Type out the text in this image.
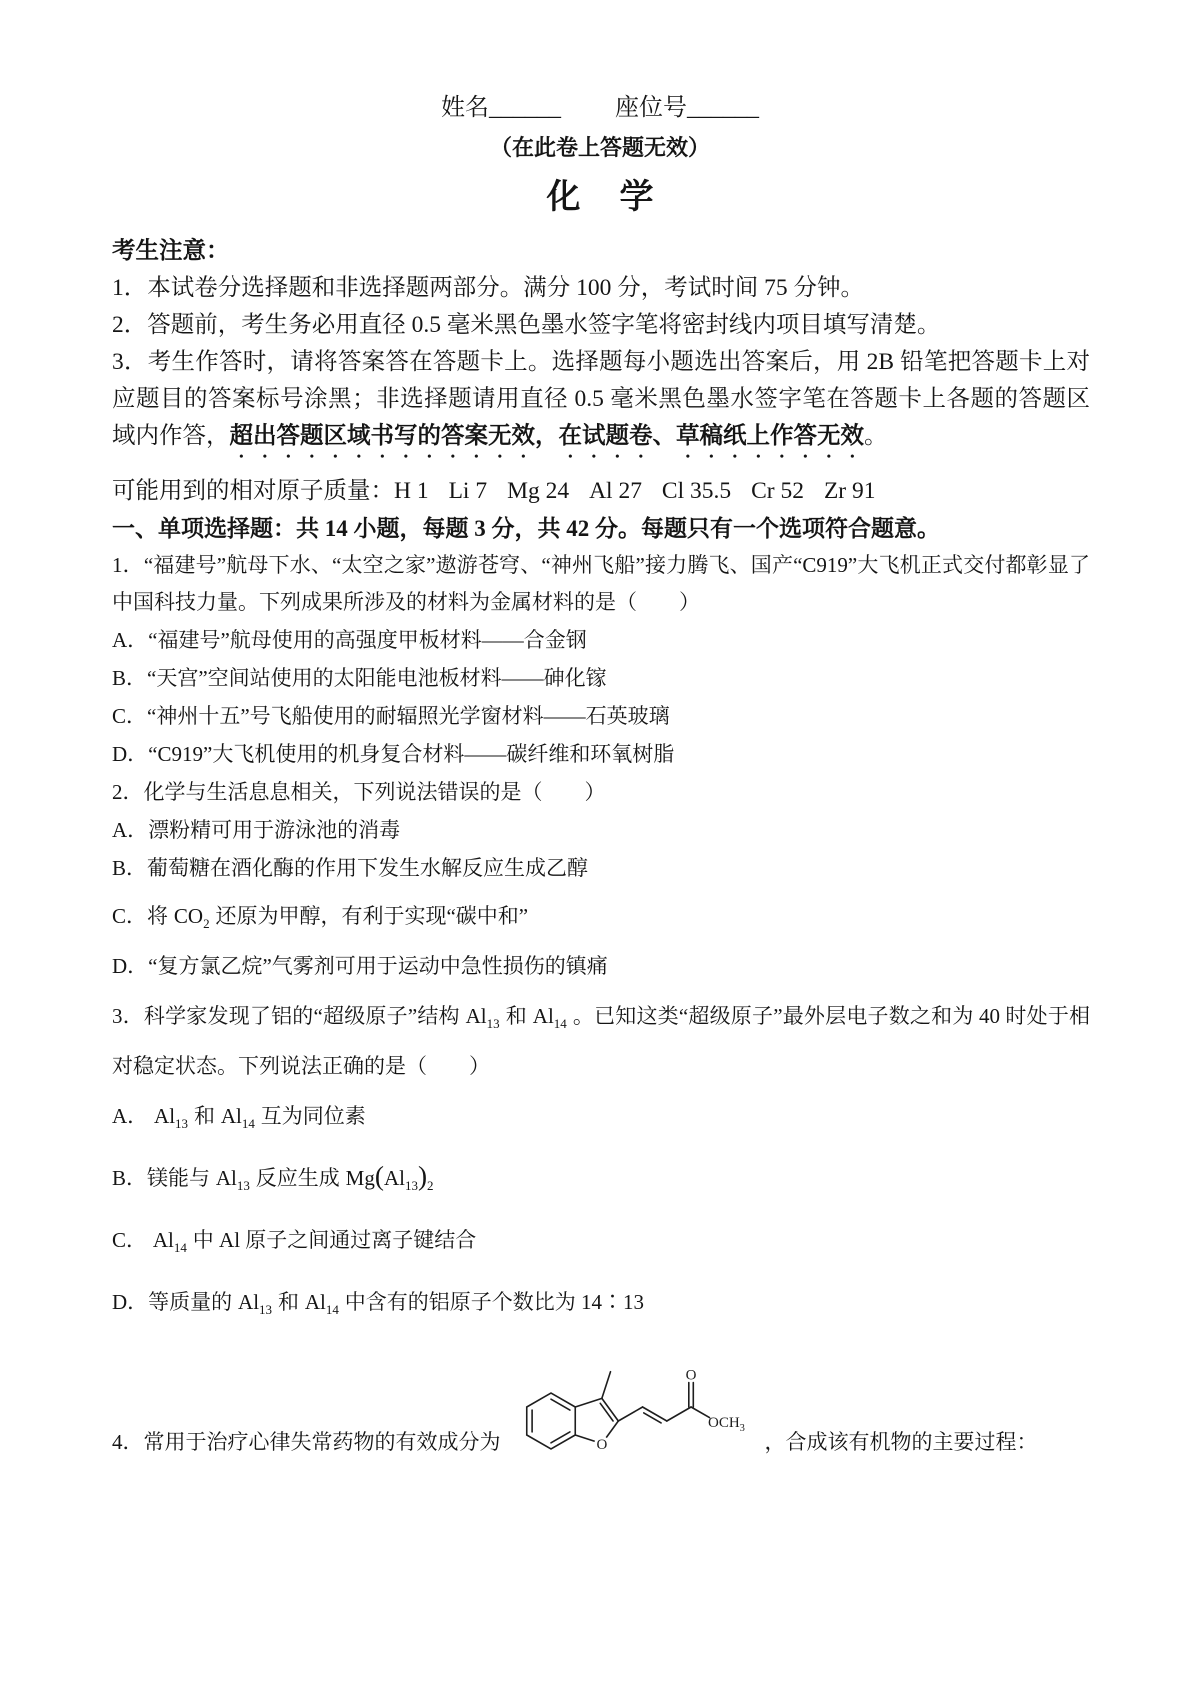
姓名______ 座位号______
（在此卷上答题无效）
化 学

考生注意：

1．本试卷分选择题和非选择题两部分。满分 100 分，考试时间 75 分钟。

2．答题前，考生务必用直径 0.5 毫米黑色墨水签字笔将密封线内项目填写清楚。

3．考生作答时，请将答案答在答题卡上。选择题每小题选出答案后，用 2B 铅笔把答题卡上对应题目的答案标号涂黑；非选择题请用直径 0.5 毫米黑色墨水签字笔在答题卡上各题的答题区域内作答，超出答题区域书写的答案无效，在试题卷、草稿纸上作答无效。

可能用到的相对原子质量：H 1 Li 7 Mg 24 Al 27 Cl 35.5 Cr 52 Zr 91

一、单项选择题：共 14 小题，每题 3 分，共 42 分。每题只有一个选项符合题意。

1．“福建号”航母下水、“太空之家”遨游苍穹、“神州飞船”接力腾飞、国产“C919”大飞机正式交付都彰显了中国科技力量。下列成果所涉及的材料为金属材料的是（　　）

A．“福建号”航母使用的高强度甲板材料——合金钢

B．“天宫”空间站使用的太阳能电池板材料——砷化镓

C．“神州十五”号飞船使用的耐辐照光学窗材料——石英玻璃

D．“C919”大飞机使用的机身复合材料——碳纤维和环氧树脂

2．化学与生活息息相关，下列说法错误的是（　　）

A．漂粉精可用于游泳池的消毒

B．葡萄糖在酒化酶的作用下发生水解反应生成乙醇

C．将 $CO_2$ 还原为甲醇，有利于实现“碳中和”

D．“复方氯乙烷”气雾剂可用于运动中急性损伤的镇痛

3．科学家发现了铝的“超级原子”结构 $Al_{13}$ 和 $Al_{14}$ 。已知这类“超级原子”最外层电子数之和为 40 时处于相对稳定状态。下列说法正确的是（　　）

A． $Al_{13}$ 和 $Al_{14}$ 互为同位素

B．镁能与 $Al_{13}$ 反应生成 $Mg(Al_{13})_2$

C． $Al_{14}$ 中 Al 原子之间通过离子键结合

D．等质量的 $Al_{13}$ 和 $Al_{14}$ 中含有的铝原子个数比为 14∶13

4．常用于治疗心律失常药物的有效成分为	O
O
$OCH_3$
，合成该有机物的主要过程：
